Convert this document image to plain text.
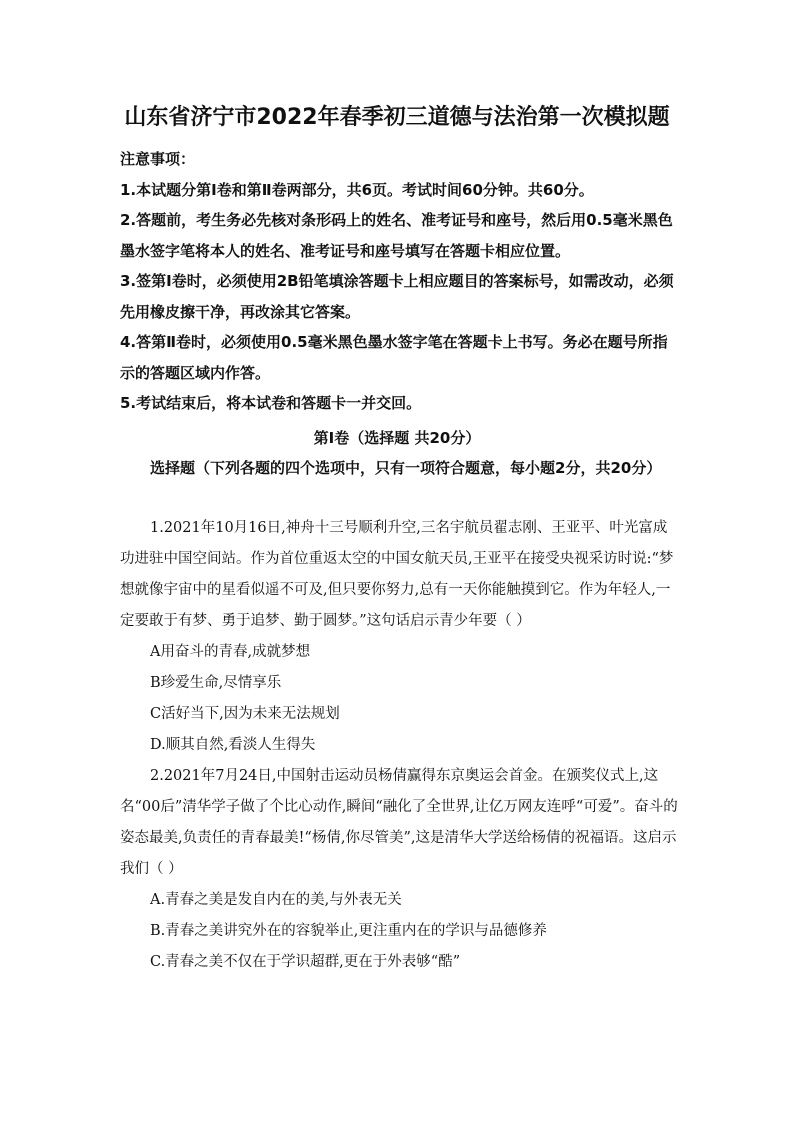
山东省济宁市2022年春季初三道德与法治第一次模拟题

注意事项：

1.本试题分第Ⅰ卷和第Ⅱ卷两部分，共6页。考试时间60分钟。共60分。

2.答题前，考生务必先核对条形码上的姓名、准考证号和座号，然后用0.5毫米黑色墨水签字笔将本人的姓名、准考证号和座号填写在答题卡相应位置。

3.签第Ⅰ卷时，必须使用2B铅笔填涂答题卡上相应题目的答案标号，如需改动，必须先用橡皮擦干净，再改涂其它答案。

4.答第Ⅱ卷时，必须使用0.5毫米黑色墨水签字笔在答题卡上书写。务必在题号所指示的答题区域内作答。

5.考试结束后，将本试卷和答题卡一并交回。

第Ⅰ卷（选择题 共20分）

选择题（下列各题的四个选项中，只有一项符合题意，每小题2分，共20分）

1.2021年10月16日,神舟十三号顺利升空,三名宇航员翟志刚、王亚平、叶光富成功进驻中国空间站。作为首位重返太空的中国女航天员,王亚平在接受央视采访时说:“梦想就像宇宙中的星看似遥不可及,但只要你努力,总有一天你能触摸到它。作为年轻人,一定要敢于有梦、勇于追梦、勤于圆梦。”这句话启示青少年要（ ）

A用奋斗的青春,成就梦想

B珍爱生命,尽情享乐

C活好当下,因为未来无法规划

D.顺其自然,看淡人生得失

2.2021年7月24日,中国射击运动员杨倩赢得东京奥运会首金。在颁奖仪式上,这名“00后”清华学子做了个比心动作,瞬间“融化了全世界,让亿万网友连呼“可爱”。奋斗的姿态最美,负责任的青春最美!“杨倩,你尽管美”,这是清华大学送给杨倩的祝福语。这启示我们（ ）

A.青春之美是发自内在的美,与外表无关

B.青春之美讲究外在的容貌举止,更注重内在的学识与品德修养

C.青春之美不仅在于学识超群,更在于外表够“酷”
